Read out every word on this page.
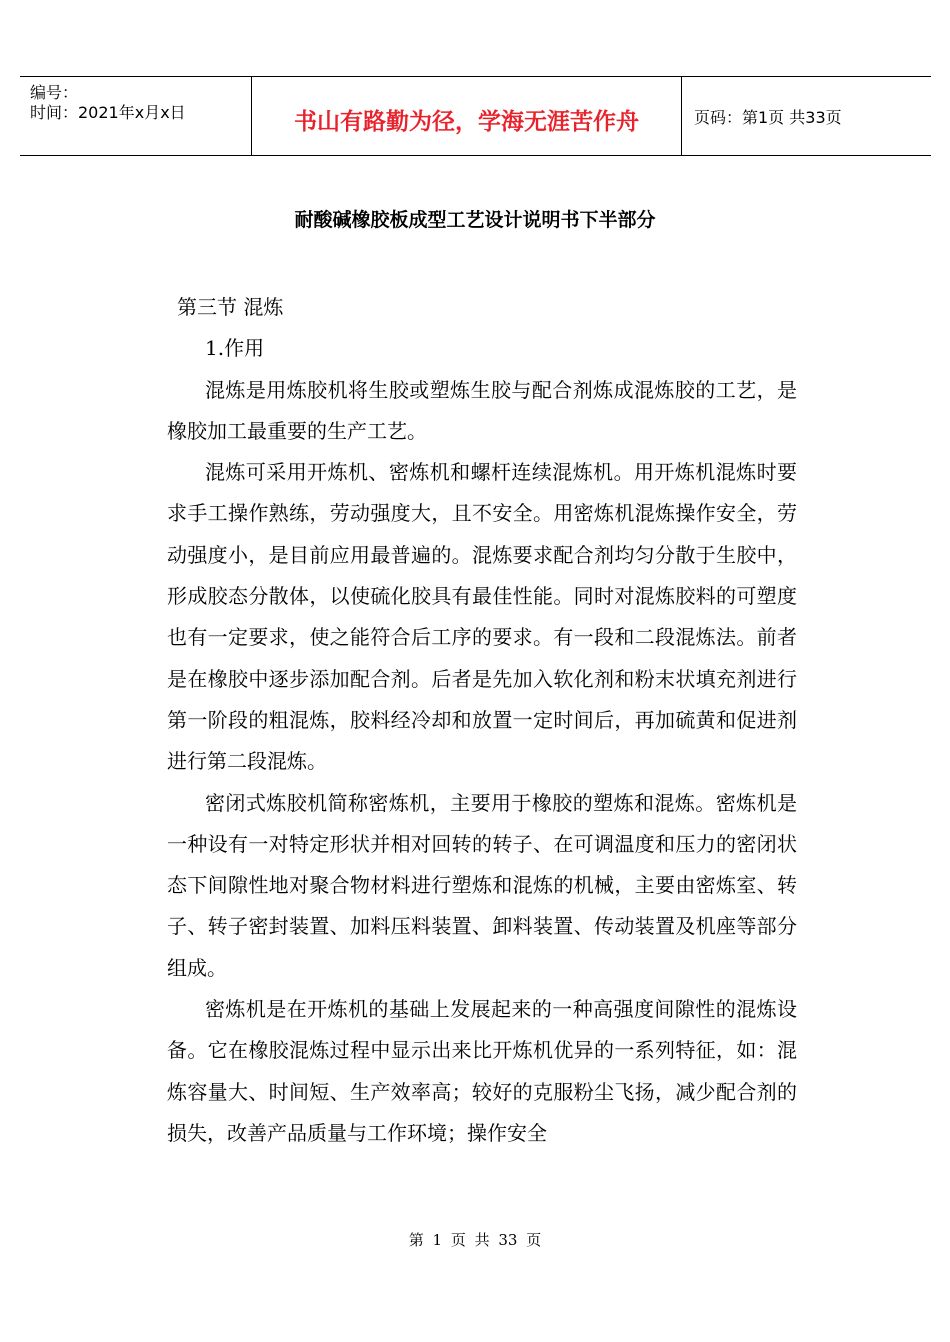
编号：
时间：2021年x月x日	书山有路勤为径，学海无涯苦作舟	页码：第1页 共33页
耐酸碱橡胶板成型工艺设计说明书下半部分

第三节 混炼

1.作用

混炼是用炼胶机将生胶或塑炼生胶与配合剂炼成混炼胶的工艺，是橡胶加工最重要的生产工艺。

混炼可采用开炼机、密炼机和螺杆连续混炼机。用开炼机混炼时要求手工操作熟练，劳动强度大，且不安全。用密炼机混炼操作安全，劳动强度小，是目前应用最普遍的。混炼要求配合剂均匀分散于生胶中，形成胶态分散体，以使硫化胶具有最佳性能。同时对混炼胶料的可塑度也有一定要求，使之能符合后工序的要求。有一段和二段混炼法。前者是在橡胶中逐步添加配合剂。后者是先加入软化剂和粉末状填充剂进行第一阶段的粗混炼，胶料经冷却和放置一定时间后，再加硫黄和促进剂进行第二段混炼。

密闭式炼胶机简称密炼机，主要用于橡胶的塑炼和混炼。密炼机是一种设有一对特定形状并相对回转的转子、在可调温度和压力的密闭状态下间隙性地对聚合物材料进行塑炼和混炼的机械，主要由密炼室、转子、转子密封装置、加料压料装置、卸料装置、传动装置及机座等部分组成。

密炼机是在开炼机的基础上发展起来的一种高强度间隙性的混炼设备。它在橡胶混炼过程中显示出来比开炼机优异的一系列特征，如：混炼容量大、时间短、生产效率高；较好的克服粉尘飞扬，减少配合剂的损失，改善产品质量与工作环境；操作安全

第 1 页 共 33 页
